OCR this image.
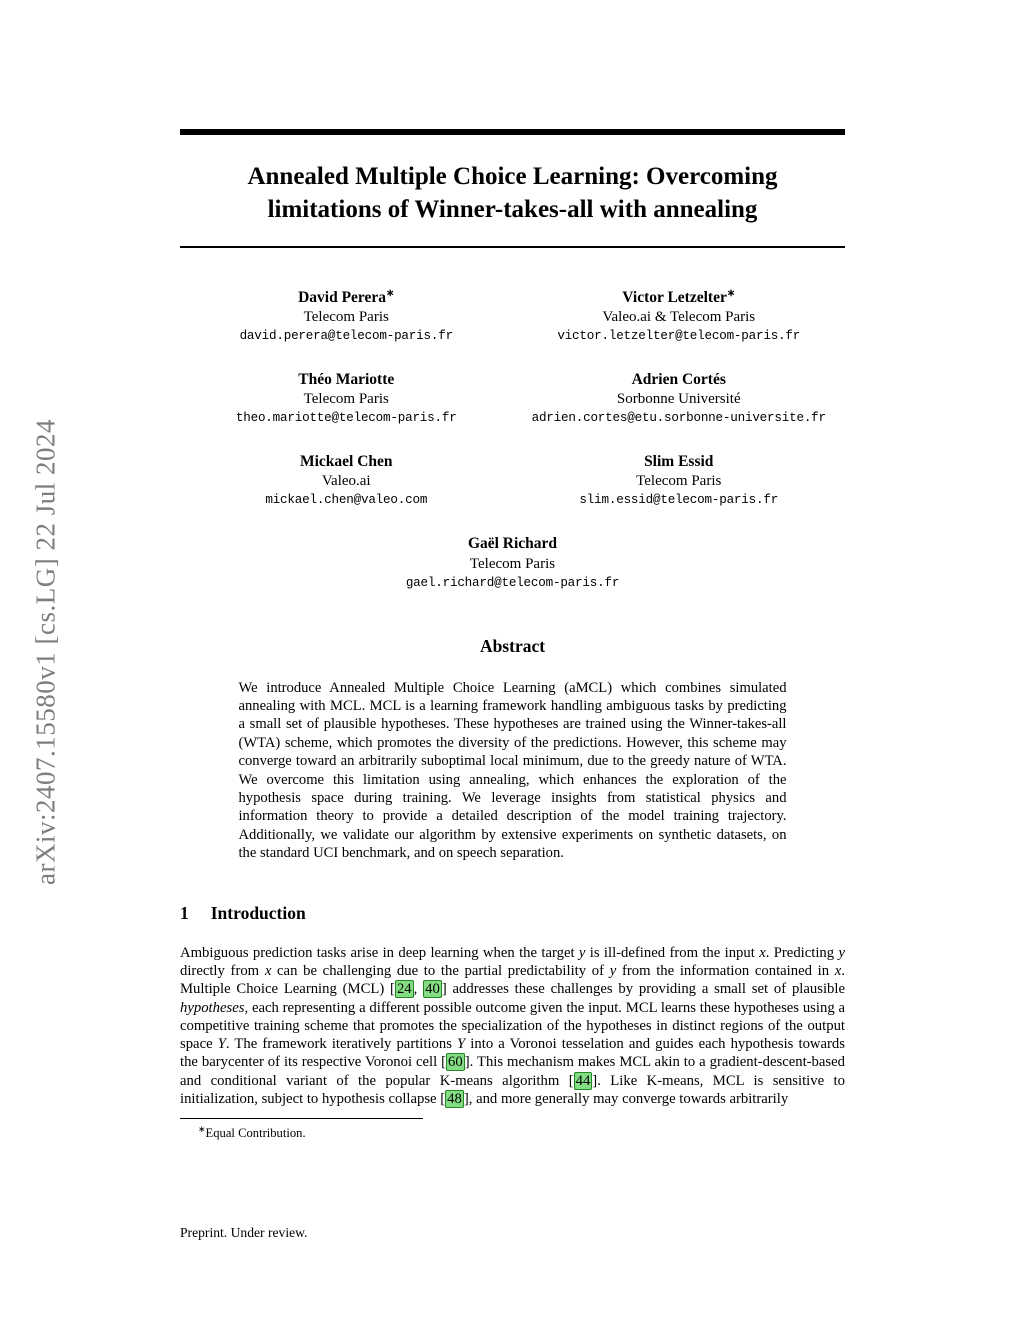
arXiv:2407.15580v1 [cs.LG] 22 Jul 2024
Annealed Multiple Choice Learning: Overcoming
limitations of Winner-takes-all with annealing
David Perera∗
Telecom Paris
david.perera@telecom-paris.fr
Victor Letzelter∗
Valeo.ai & Telecom Paris
victor.letzelter@telecom-paris.fr
Théo Mariotte
Telecom Paris
theo.mariotte@telecom-paris.fr
Adrien Cortés
Sorbonne Université
adrien.cortes@etu.sorbonne-universite.fr
Mickael Chen
Valeo.ai
mickael.chen@valeo.com
Slim Essid
Telecom Paris
slim.essid@telecom-paris.fr
Gaël Richard
Telecom Paris
gael.richard@telecom-paris.fr
Abstract
We introduce Annealed Multiple Choice Learning (aMCL) which combines simulated annealing with MCL. MCL is a learning framework handling ambiguous tasks by predicting a small set of plausible hypotheses. These hypotheses are trained using the Winner-takes-all (WTA) scheme, which promotes the diversity of the predictions. However, this scheme may converge toward an arbitrarily suboptimal local minimum, due to the greedy nature of WTA. We overcome this limitation using annealing, which enhances the exploration of the hypothesis space during training. We leverage insights from statistical physics and information theory to provide a detailed description of the model training trajectory. Additionally, we validate our algorithm by extensive experiments on synthetic datasets, on the standard UCI benchmark, and on speech separation.
1 Introduction
Ambiguous prediction tasks arise in deep learning when the target y is ill-defined from the input x. Predicting y directly from x can be challenging due to the partial predictability of y from the information contained in x. Multiple Choice Learning (MCL) [ 24 , 40 ] addresses these challenges by providing a small set of plausible hypotheses, each representing a different possible outcome given the input. MCL learns these hypotheses using a competitive training scheme that promotes the specialization of the hypotheses in distinct regions of the output space Y. The framework iteratively partitions Y into a Voronoi tesselation and guides each hypothesis towards the barycenter of its respective Voronoi cell [ 60 ]. This mechanism makes MCL akin to a gradient-descent-based and conditional variant of the popular K-means algorithm [ 44 ]. Like K-means, MCL is sensitive to initialization, subject to hypothesis collapse [ 48 ], and more generally may converge towards arbitrarily
∗Equal Contribution.
Preprint. Under review.
